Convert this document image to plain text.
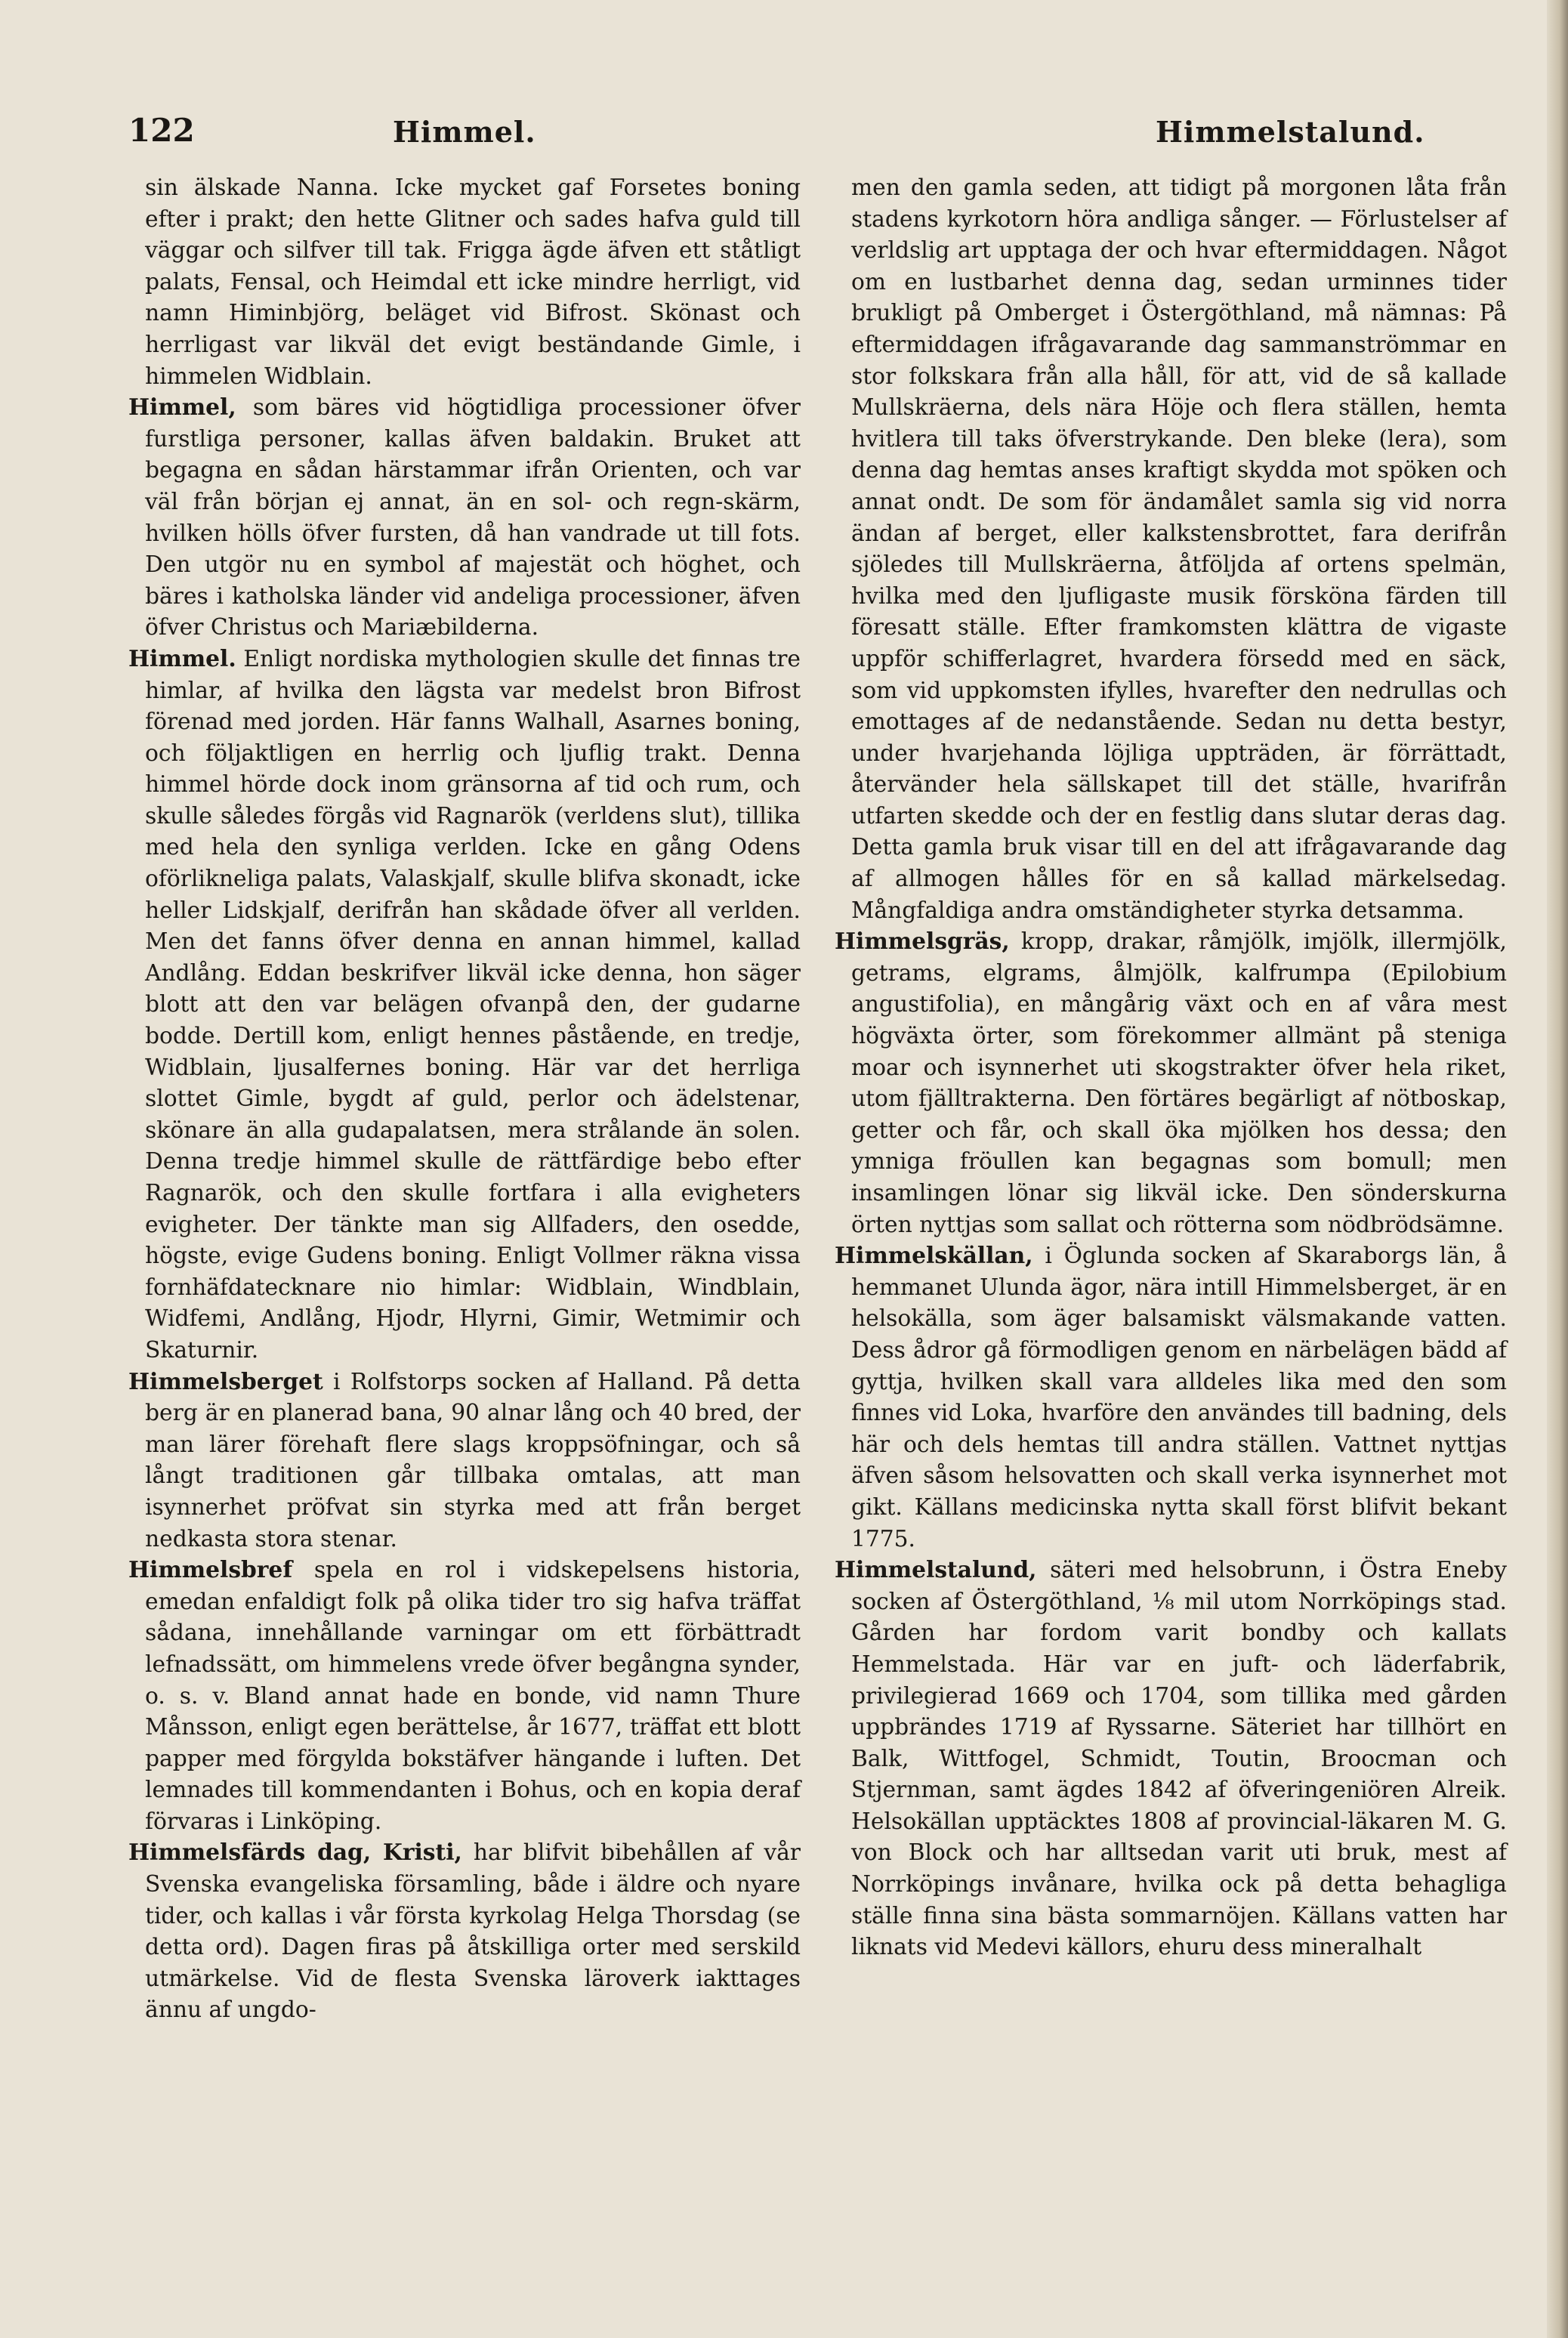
122	Himmel.	Himmelstalund.

sin älskade Nanna. Icke mycket gaf Forsetes boning efter i prakt; den hette Glitner och sades hafva guld till väggar och silfver till tak. Frigga ägde äfven ett ståtligt palats, Fensal, och Heimdal ett icke mindre herrligt, vid namn Himinbjörg, beläget vid Bifrost. Skönast och herrligast var likväl det evigt beständande Gimle, i himmelen Widblain.

Himmel, som bäres vid högtidliga processioner öfver furstliga personer, kallas äfven baldakin. Bruket att begagna en sådan härstammar ifrån Orienten, och var väl från början ej annat, än en sol- och regn-skärm, hvilken hölls öfver fursten, då han vandrade ut till fots. Den utgör nu en symbol af majestät och höghet, och bäres i katholska länder vid andeliga processioner, äfven öfver Christus och Mariæbilderna.

Himmel. Enligt nordiska mythologien skulle det finnas tre himlar, af hvilka den lägsta var medelst bron Bifrost förenad med jorden. Här fanns Walhall, Asarnes boning, och följaktligen en herrlig och ljuflig trakt. Denna himmel hörde dock inom gränsorna af tid och rum, och skulle således förgås vid Ragnarök (verldens slut), tillika med hela den synliga verlden. Icke en gång Odens oförlikneliga palats, Valaskjalf, skulle blifva skonadt, icke heller Lidskjalf, derifrån han skådade öfver all verlden. Men det fanns öfver denna en annan himmel, kallad Andlång. Eddan beskrifver likväl icke denna, hon säger blott att den var belägen ofvanpå den, der gudarne bodde. Dertill kom, enligt hennes påstående, en tredje, Widblain, ljusalfernes boning. Här var det herrliga slottet Gimle, bygdt af guld, perlor och ädelstenar, skönare än alla gudapalatsen, mera strålande än solen. Denna tredje himmel skulle de rättfärdige bebo efter Ragnarök, och den skulle fortfara i alla evigheters evigheter. Der tänkte man sig Allfaders, den osedde, högste, evige Gudens boning. Enligt Vollmer räkna vissa fornhäfdatecknare nio himlar: Widblain, Windblain, Widfemi, Andlång, Hjodr, Hlyrni, Gimir, Wetmimir och Skaturnir.

Himmelsberget i Rolfstorps socken af Halland. På detta berg är en planerad bana, 90 alnar lång och 40 bred, der man lärer förehaft flere slags kroppsöfningar, och så långt traditionen går tillbaka omtalas, att man isynnerhet pröfvat sin styrka med att från berget nedkasta stora stenar.

Himmelsbref spela en rol i vidskepelsens historia, emedan enfaldigt folk på olika tider tro sig hafva träffat sådana, innehållande varningar om ett förbättradt lefnadssätt, om himmelens vrede öfver begångna synder, o. s. v. Bland annat hade en bonde, vid namn Thure Månsson, enligt egen berättelse, år 1677, träffat ett blott papper med förgylda bokstäfver hängande i luften. Det lemnades till kommendanten i Bohus, och en kopia deraf förvaras i Linköping.

Himmelsfärds dag, Kristi, har blifvit bibehållen af vår Svenska evangeliska församling, både i äldre och nyare tider, och kallas i vår första kyrkolag Helga Thorsdag (se detta ord). Dagen firas på åtskilliga orter med serskild utmärkelse. Vid de flesta Svenska läroverk iakttages ännu af ungdo-

men den gamla seden, att tidigt på morgonen låta från stadens kyrkotorn höra andliga sånger. — Förlustelser af verldslig art upptaga der och hvar eftermiddagen. Något om en lustbarhet denna dag, sedan urminnes tider brukligt på Omberget i Östergöthland, må nämnas: På eftermiddagen ifrågavarande dag sammanströmmar en stor folkskara från alla håll, för att, vid de så kallade Mullskräerna, dels nära Höje och flera ställen, hemta hvitlera till taks öfverstrykande. Den bleke (lera), som denna dag hemtas anses kraftigt skydda mot spöken och annat ondt. De som för ändamålet samla sig vid norra ändan af berget, eller kalkstensbrottet, fara derifrån sjöledes till Mullskräerna, åtföljda af ortens spelmän, hvilka med den ljufligaste musik försköna färden till föresatt ställe. Efter framkomsten klättra de vigaste uppför schifferlagret, hvardera försedd med en säck, som vid uppkomsten ifylles, hvarefter den nedrullas och emottages af de nedanstående. Sedan nu detta bestyr, under hvarjehanda löjliga uppträden, är förrättadt, återvänder hela sällskapet till det ställe, hvarifrån utfarten skedde och der en festlig dans slutar deras dag. Detta gamla bruk visar till en del att ifrågavarande dag af allmogen hålles för en så kallad märkelsedag. Mångfaldiga andra omständigheter styrka detsamma.

Himmelsgräs, kropp, drakar, råmjölk, imjölk, illermjölk, getrams, elgrams, ålmjölk, kalfrumpa (Epilobium angustifolia), en mångårig växt och en af våra mest högväxta örter, som förekommer allmänt på steniga moar och isynnerhet uti skogstrakter öfver hela riket, utom fjälltrakterna. Den förtäres begärligt af nötboskap, getter och får, och skall öka mjölken hos dessa; den ymniga fröullen kan begagnas som bomull; men insamlingen lönar sig likväl icke. Den sönderskurna örten nyttjas som sallat och rötterna som nödbrödsämne.

Himmelskällan, i Öglunda socken af Skaraborgs län, å hemmanet Ulunda ägor, nära intill Himmelsberget, är en helsokälla, som äger balsamiskt välsmakande vatten. Dess ådror gå förmodligen genom en närbelägen bädd af gyttja, hvilken skall vara alldeles lika med den som finnes vid Loka, hvarföre den användes till badning, dels här och dels hemtas till andra ställen. Vattnet nyttjas äfven såsom helsovatten och skall verka isynnerhet mot gikt. Källans medicinska nytta skall först blifvit bekant 1775.

Himmelstalund, säteri med helsobrunn, i Östra Eneby socken af Östergöthland, ⅛ mil utom Norrköpings stad. Gården har fordom varit bondby och kallats Hemmelstada. Här var en juft- och läderfabrik, privilegierad 1669 och 1704, som tillika med gården uppbrändes 1719 af Ryssarne. Säteriet har tillhört en Balk, Wittfogel, Schmidt, Toutin, Broocman och Stjernman, samt ägdes 1842 af öfveringeniören Alreik. Helsokällan upptäcktes 1808 af provincial-läkaren M. G. von Block och har alltsedan varit uti bruk, mest af Norrköpings invånare, hvilka ock på detta behagliga ställe finna sina bästa sommarnöjen. Källans vatten har liknats vid Medevi källors, ehuru dess mineralhalt
